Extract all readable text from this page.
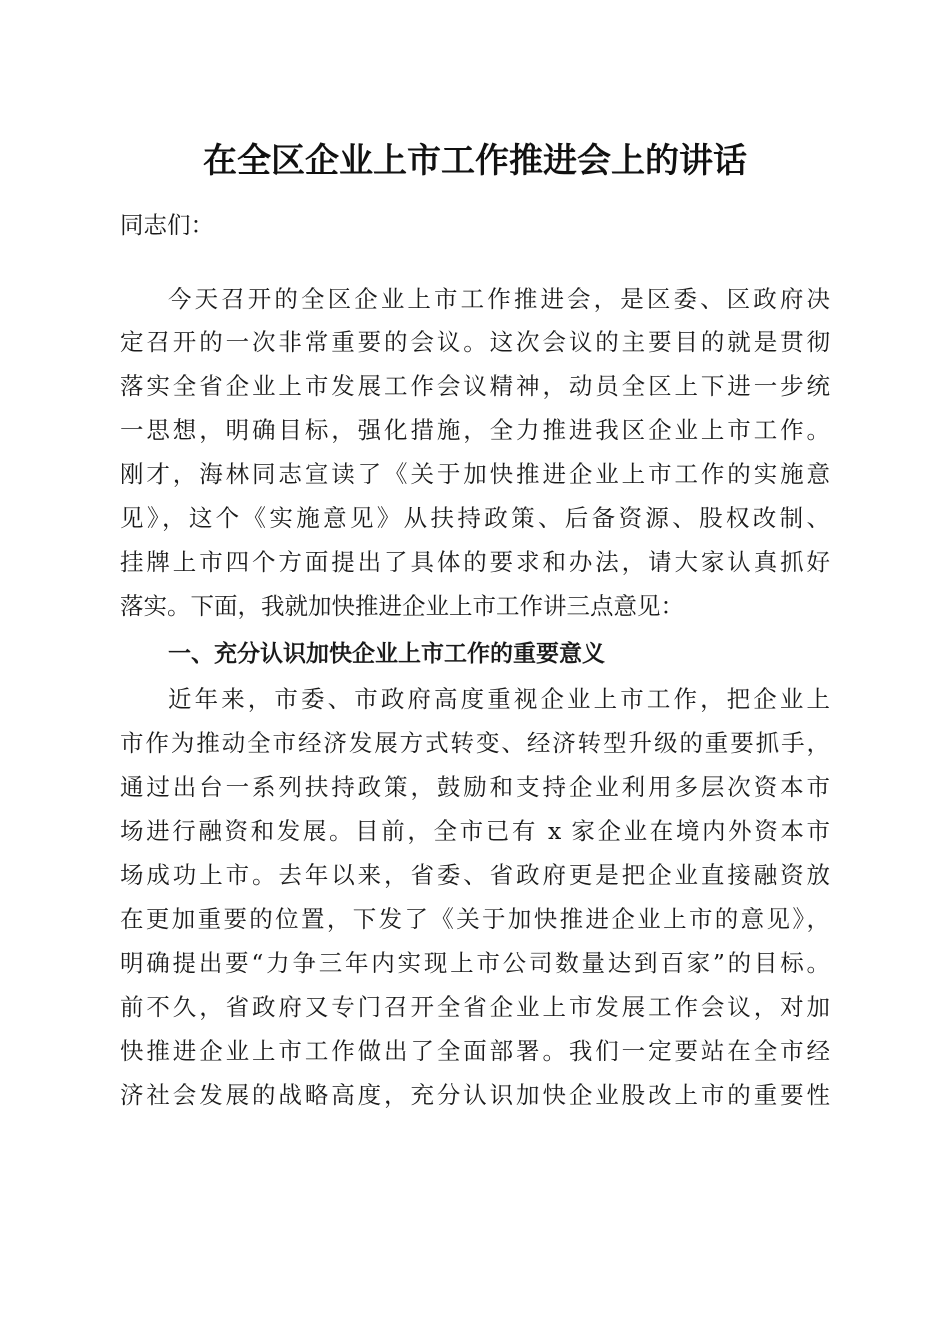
在全区企业上市工作推进会上的讲话
同志们：
今天召开的全区企业上市工作推进会，是区委、区政府决
定召开的一次非常重要的会议。这次会议的主要目的就是贯彻
落实全省企业上市发展工作会议精神，动员全区上下进一步统
一思想，明确目标，强化措施，全力推进我区企业上市工作。
刚才，海林同志宣读了《关于加快推进企业上市工作的实施意
见》，这个《实施意见》从扶持政策、后备资源、股权改制、
挂牌上市四个方面提出了具体的要求和办法，请大家认真抓好
落实。下面，我就加快推进企业上市工作讲三点意见：
一、充分认识加快企业上市工作的重要意义
近年来，市委、市政府高度重视企业上市工作，把企业上
市作为推动全市经济发展方式转变、经济转型升级的重要抓手，
通过出台一系列扶持政策，鼓励和支持企业利用多层次资本市
场进行融资和发展。目前，全市已有 x 家企业在境内外资本市
场成功上市。去年以来，省委、省政府更是把企业直接融资放
在更加重要的位置，下发了《关于加快推进企业上市的意见》，
明确提出要“力争三年内实现上市公司数量达到百家”的目标。
前不久，省政府又专门召开全省企业上市发展工作会议，对加
快推进企业上市工作做出了全面部署。我们一定要站在全市经
济社会发展的战略高度，充分认识加快企业股改上市的重要性
